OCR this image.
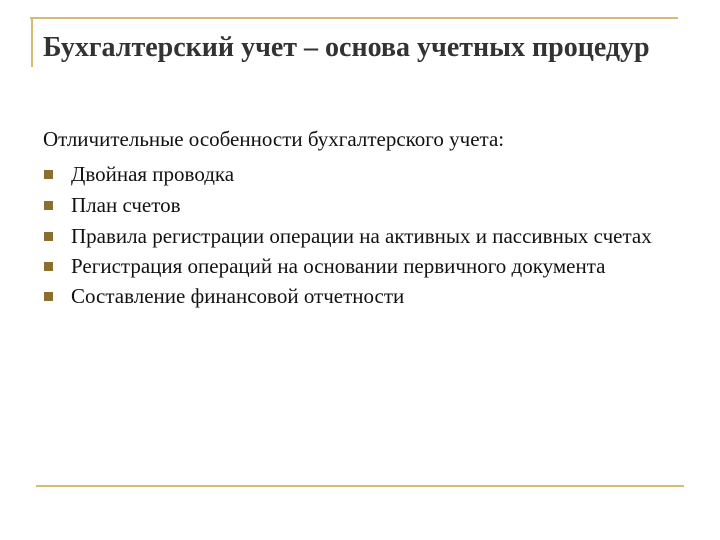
Бухгалтерский учет – основа учетных процедур

Отличительные особенности бухгалтерского учета:

Двойная проводка
План счетов
Правила регистрации операции на активных и пассивных счетах
Регистрация операций на основании первичного документа
Составление финансовой отчетности
